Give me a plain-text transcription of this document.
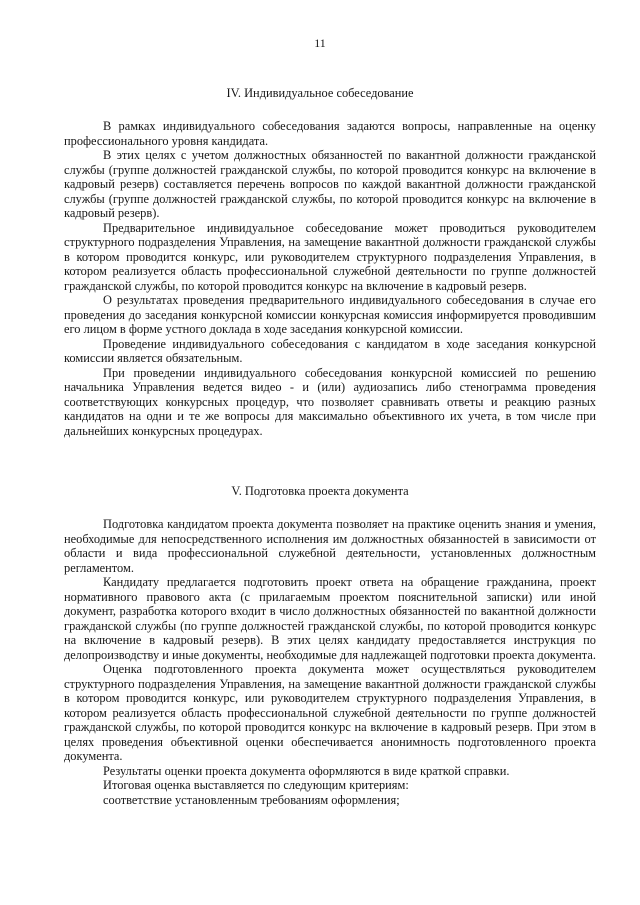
11
IV. Индивидуальное собеседование

В рамках индивидуального собеседования задаются вопросы, направленные на оценку профессионального уровня кандидата.

В этих целях с учетом должностных обязанностей по вакантной должности гражданской службы (группе должностей гражданской службы, по которой проводится конкурс на включение в кадровый резерв) составляется перечень вопросов по каждой вакантной должности гражданской службы (группе должностей гражданской службы, по которой проводится конкурс на включение в кадровый резерв).

Предварительное индивидуальное собеседование может проводиться руководителем структурного подразделения Управления, на замещение вакантной должности гражданской службы в котором проводится конкурс, или руководителем структурного подразделения Управления, в котором реализуется область профессиональной служебной деятельности по группе должностей гражданской службы, по которой проводится конкурс на включение в кадровый резерв.

О результатах проведения предварительного индивидуального собеседования в случае его проведения до заседания конкурсной комиссии конкурсная комиссия информируется проводившим его лицом в форме устного доклада в ходе заседания конкурсной комиссии.

Проведение индивидуального собеседования с кандидатом в ходе заседания конкурсной комиссии является обязательным.

При проведении индивидуального собеседования конкурсной комиссией по решению начальника Управления ведется видео - и (или) аудиозапись либо стенограмма проведения соответствующих конкурсных процедур, что позволяет сравнивать ответы и реакцию разных кандидатов на одни и те же вопросы для максимально объективного их учета, в том числе при дальнейших конкурсных процедурах.

V. Подготовка проекта документа

Подготовка кандидатом проекта документа позволяет на практике оценить знания и умения, необходимые для непосредственного исполнения им должностных обязанностей в зависимости от области и вида профессиональной служебной деятельности, установленных должностным регламентом.

Кандидату предлагается подготовить проект ответа на обращение гражданина, проект нормативного правового акта (с прилагаемым проектом пояснительной записки) или иной документ, разработка которого входит в число должностных обязанностей по вакантной должности гражданской службы (по группе должностей гражданской службы, по которой проводится конкурс на включение в кадровый резерв). В этих целях кандидату предоставляется инструкция по делопроизводству и иные документы, необходимые для надлежащей подготовки проекта документа.

Оценка подготовленного проекта документа может осуществляться руководителем структурного подразделения Управления, на замещение вакантной должности гражданской службы в котором проводится конкурс, или руководителем структурного подразделения Управления, в котором реализуется область профессиональной служебной деятельности по группе должностей гражданской службы, по которой проводится конкурс на включение в кадровый резерв. При этом в целях проведения объективной оценки обеспечивается анонимность подготовленного проекта документа.

Результаты оценки проекта документа оформляются в виде краткой справки.

Итоговая оценка выставляется по следующим критериям:

соответствие установленным требованиям оформления;
